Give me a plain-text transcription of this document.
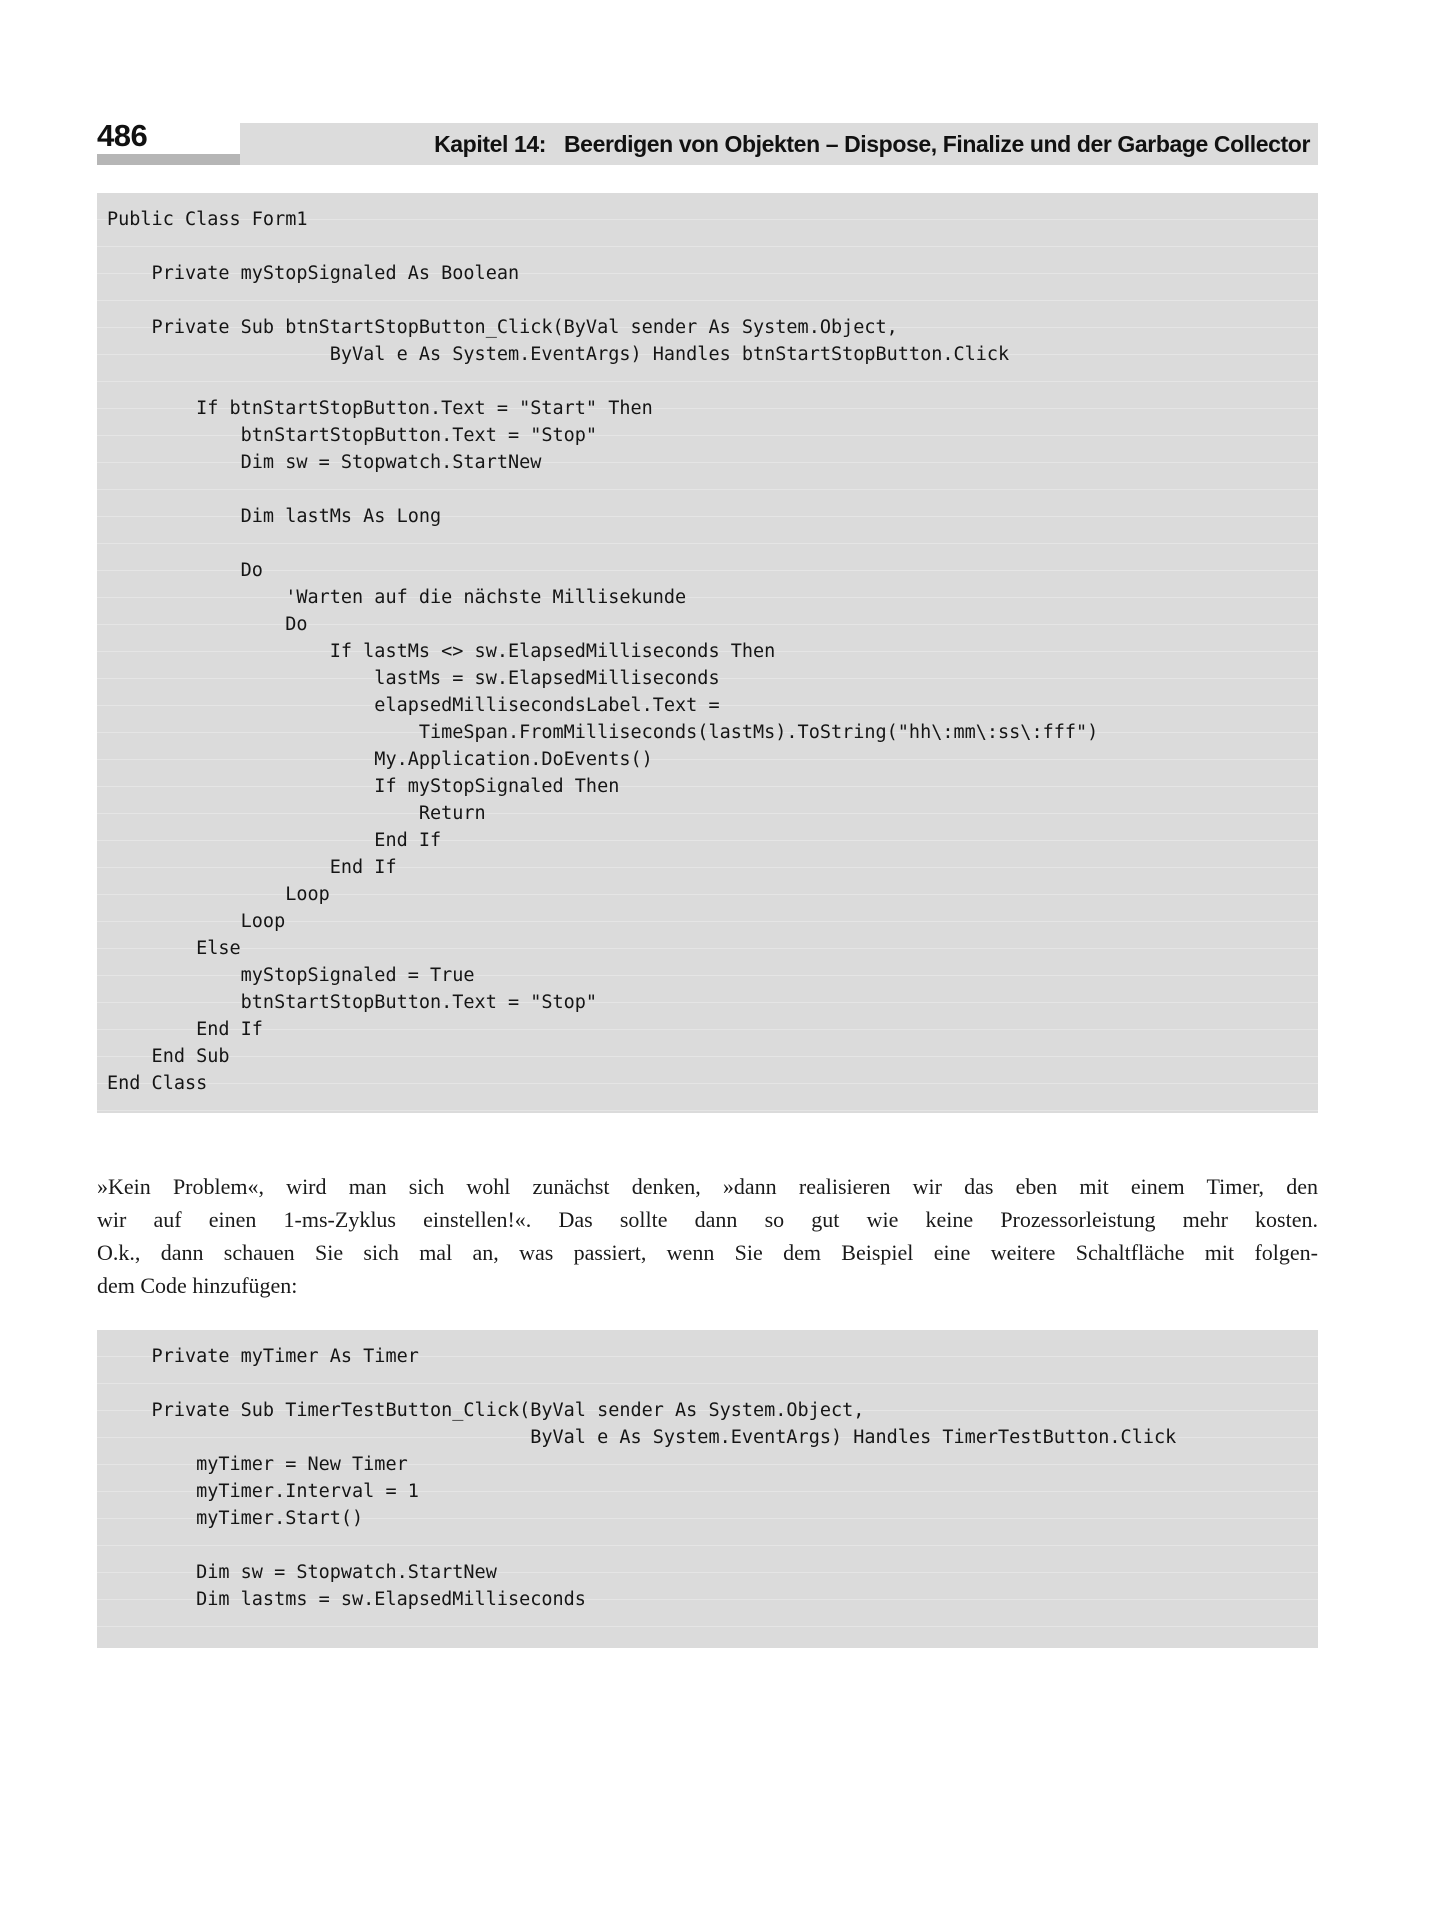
486	Kapitel 14:   Beerdigen von Objekten – Dispose, Finalize und der Garbage Collector
Public Class Form1

Private myStopSignaled As Boolean

Private Sub btnStartStopButton_Click(ByVal sender As System.Object,
ByVal e As System.EventArgs) Handles btnStartStopButton.Click

If btnStartStopButton.Text = "Start" Then
btnStartStopButton.Text = "Stop"
Dim sw = Stopwatch.StartNew

Dim lastMs As Long

Do
'Warten auf die nächste Millisekunde
Do
If lastMs <> sw.ElapsedMilliseconds Then
lastMs = sw.ElapsedMilliseconds
elapsedMillisecondsLabel.Text =
TimeSpan.FromMilliseconds(lastMs).ToString("hh\:mm\:ss\:fff")
My.Application.DoEvents()
If myStopSignaled Then
Return
End If
End If
Loop
Loop
Else
myStopSignaled = True
btnStartStopButton.Text = "Stop"
End If
End Sub
End Class
»Kein Problem«, wird man sich wohl zunächst denken, »dann realisieren wir das eben mit einem Timer, den
wir auf einen 1-ms-Zyklus einstellen!«. Das sollte dann so gut wie keine Prozessorleistung mehr kosten.
O.k., dann schauen Sie sich mal an, was passiert, wenn Sie dem Beispiel eine weitere Schaltfläche mit folgen-
dem Code hinzufügen:
Private myTimer As Timer

Private Sub TimerTestButton_Click(ByVal sender As System.Object,
ByVal e As System.EventArgs) Handles TimerTestButton.Click
myTimer = New Timer
myTimer.Interval = 1
myTimer.Start()

Dim sw = Stopwatch.StartNew
Dim lastms = sw.ElapsedMilliseconds
